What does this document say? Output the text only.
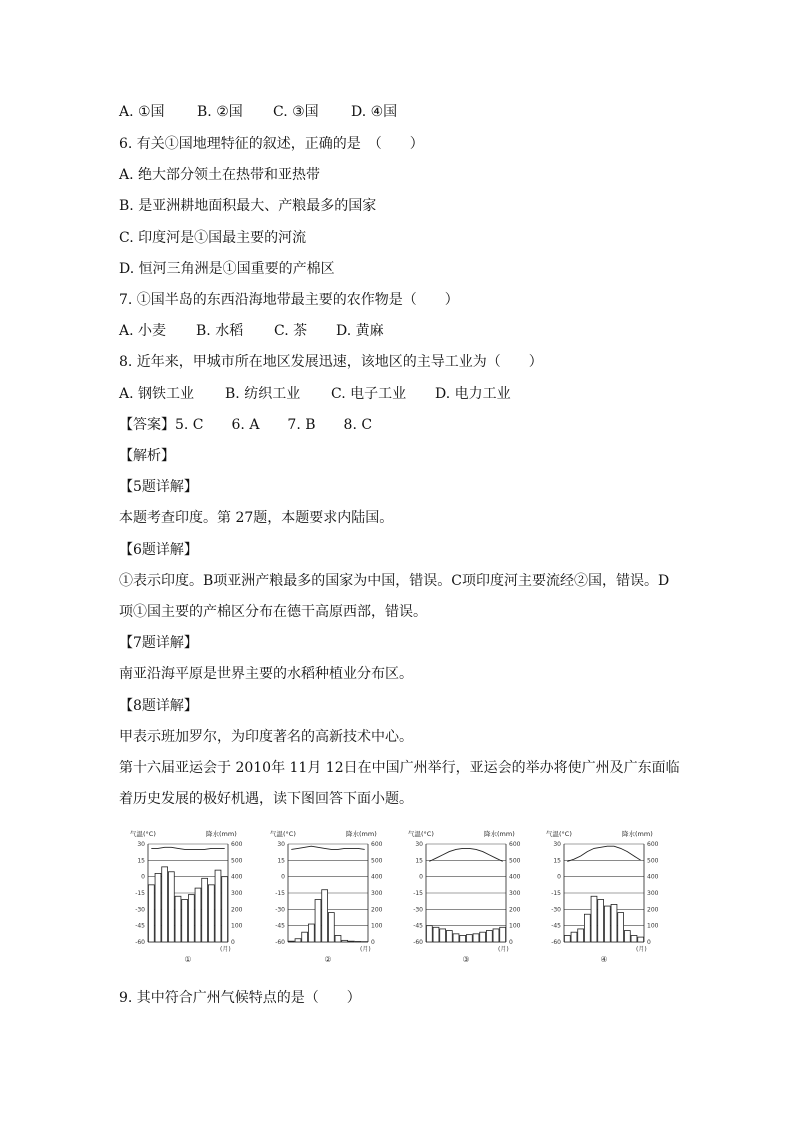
A. ①国 B. ②国 C. ③国 D. ④国
6. 有关①国地理特征的叙述，正确的是　（　　）
A. 绝大部分领土在热带和亚热带
B. 是亚洲耕地面积最大、产粮最多的国家
C. 印度河是①国最主要的河流
D. 恒河三角洲是①国重要的产棉区
7. ①国半岛的东西沿海地带最主要的农作物是（　　）
A. 小麦 B. 水稻 C. 茶 D. 黄麻
8. 近年来，甲城市所在地区发展迅速，该地区的主导工业为（　　）
A. 钢铁工业 B. 纺织工业 C. 电子工业 D. 电力工业
【答案】5. C　　6. A　　7. B　　8. C
【解析】
【5题详解】
本题考查印度。第 27题，本题要求内陆国。
【6题详解】
①表示印度。B项亚洲产粮最多的国家为中国，错误。C项印度河主要流经②国，错误。D
项①国主要的产棉区分布在德干高原西部，错误。
【7题详解】
南亚沿海平原是世界主要的水稻种植业分布区。
【8题详解】
甲表示班加罗尔，为印度著名的高新技术中心。
第十六届亚运会于 2010年 11月 12日在中国广州举行，亚运会的举办将使广州及广东面临
着历史发展的极好机遇，读下图回答下面小题。
气温(°C)	降水(mm)
30	600
15	500
0	400
-15	300
-30	200
-45	100
-60	0
(月)
①
气温(°C)	降水(mm)
30	600
15	500
0	400
-15	300
-30	200
-45	100
-60	0
(月)
②
气温(°C)	降水(mm)
30	600
15	500
0	400
-15	300
-30	200
-45	100
-60	0
(月)
③
气温(°C)	降水(mm)
30	600
15	500
0	400
-15	300
-30	200
-45	100
-60	0
(月)
④
9. 其中符合广州气候特点的是（　　）
